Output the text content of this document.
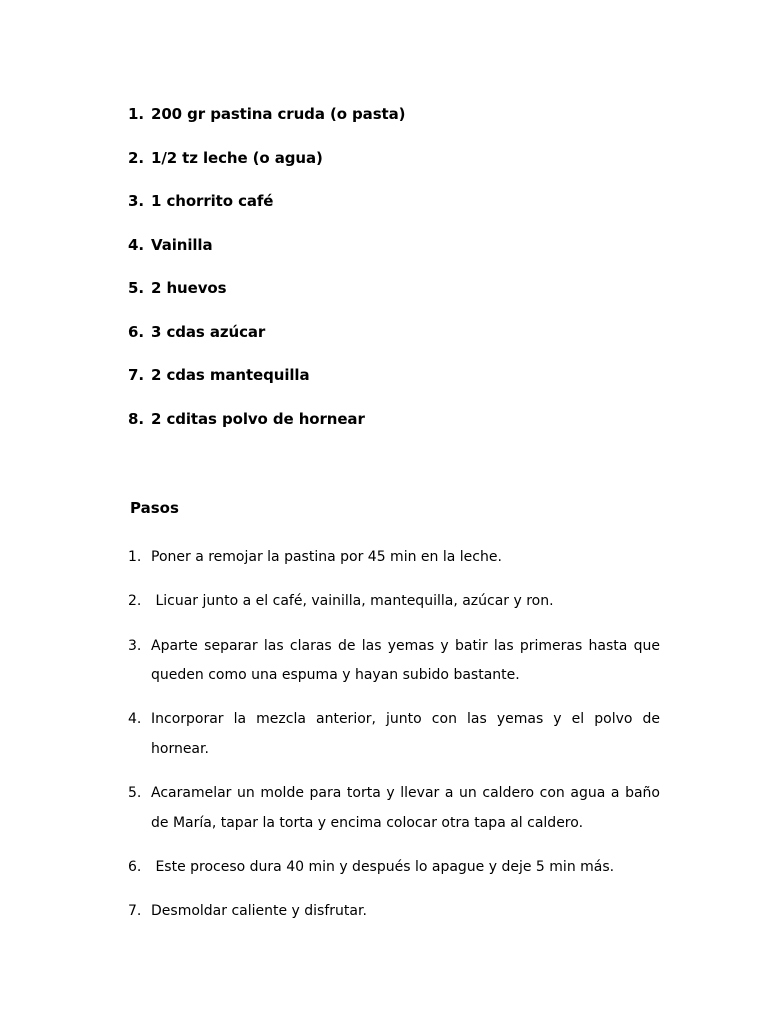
1. 200 gr pastina cruda (o pasta)
2. 1/2 tz leche (o agua)
3. 1 chorrito café
4. Vainilla
5. 2 huevos
6. 3 cdas azúcar
7. 2 cdas mantequilla
8. 2 cditas polvo de hornear
Pasos
1. Poner a remojar la pastina por 45 min en la leche.
2. Licuar junto a el café, vainilla, mantequilla, azúcar y ron.
3. Aparte separar las claras de las yemas y batir las primeras hasta que queden como una espuma y hayan subido bastante.
4. Incorporar la mezcla anterior, junto con las yemas y el polvo de hornear.
5. Acaramelar un molde para torta y llevar a un caldero con agua a baño de María, tapar la torta y encima colocar otra tapa al caldero.
6. Este proceso dura 40 min y después lo apague y deje 5 min más.
7. Desmoldar caliente y disfrutar.
